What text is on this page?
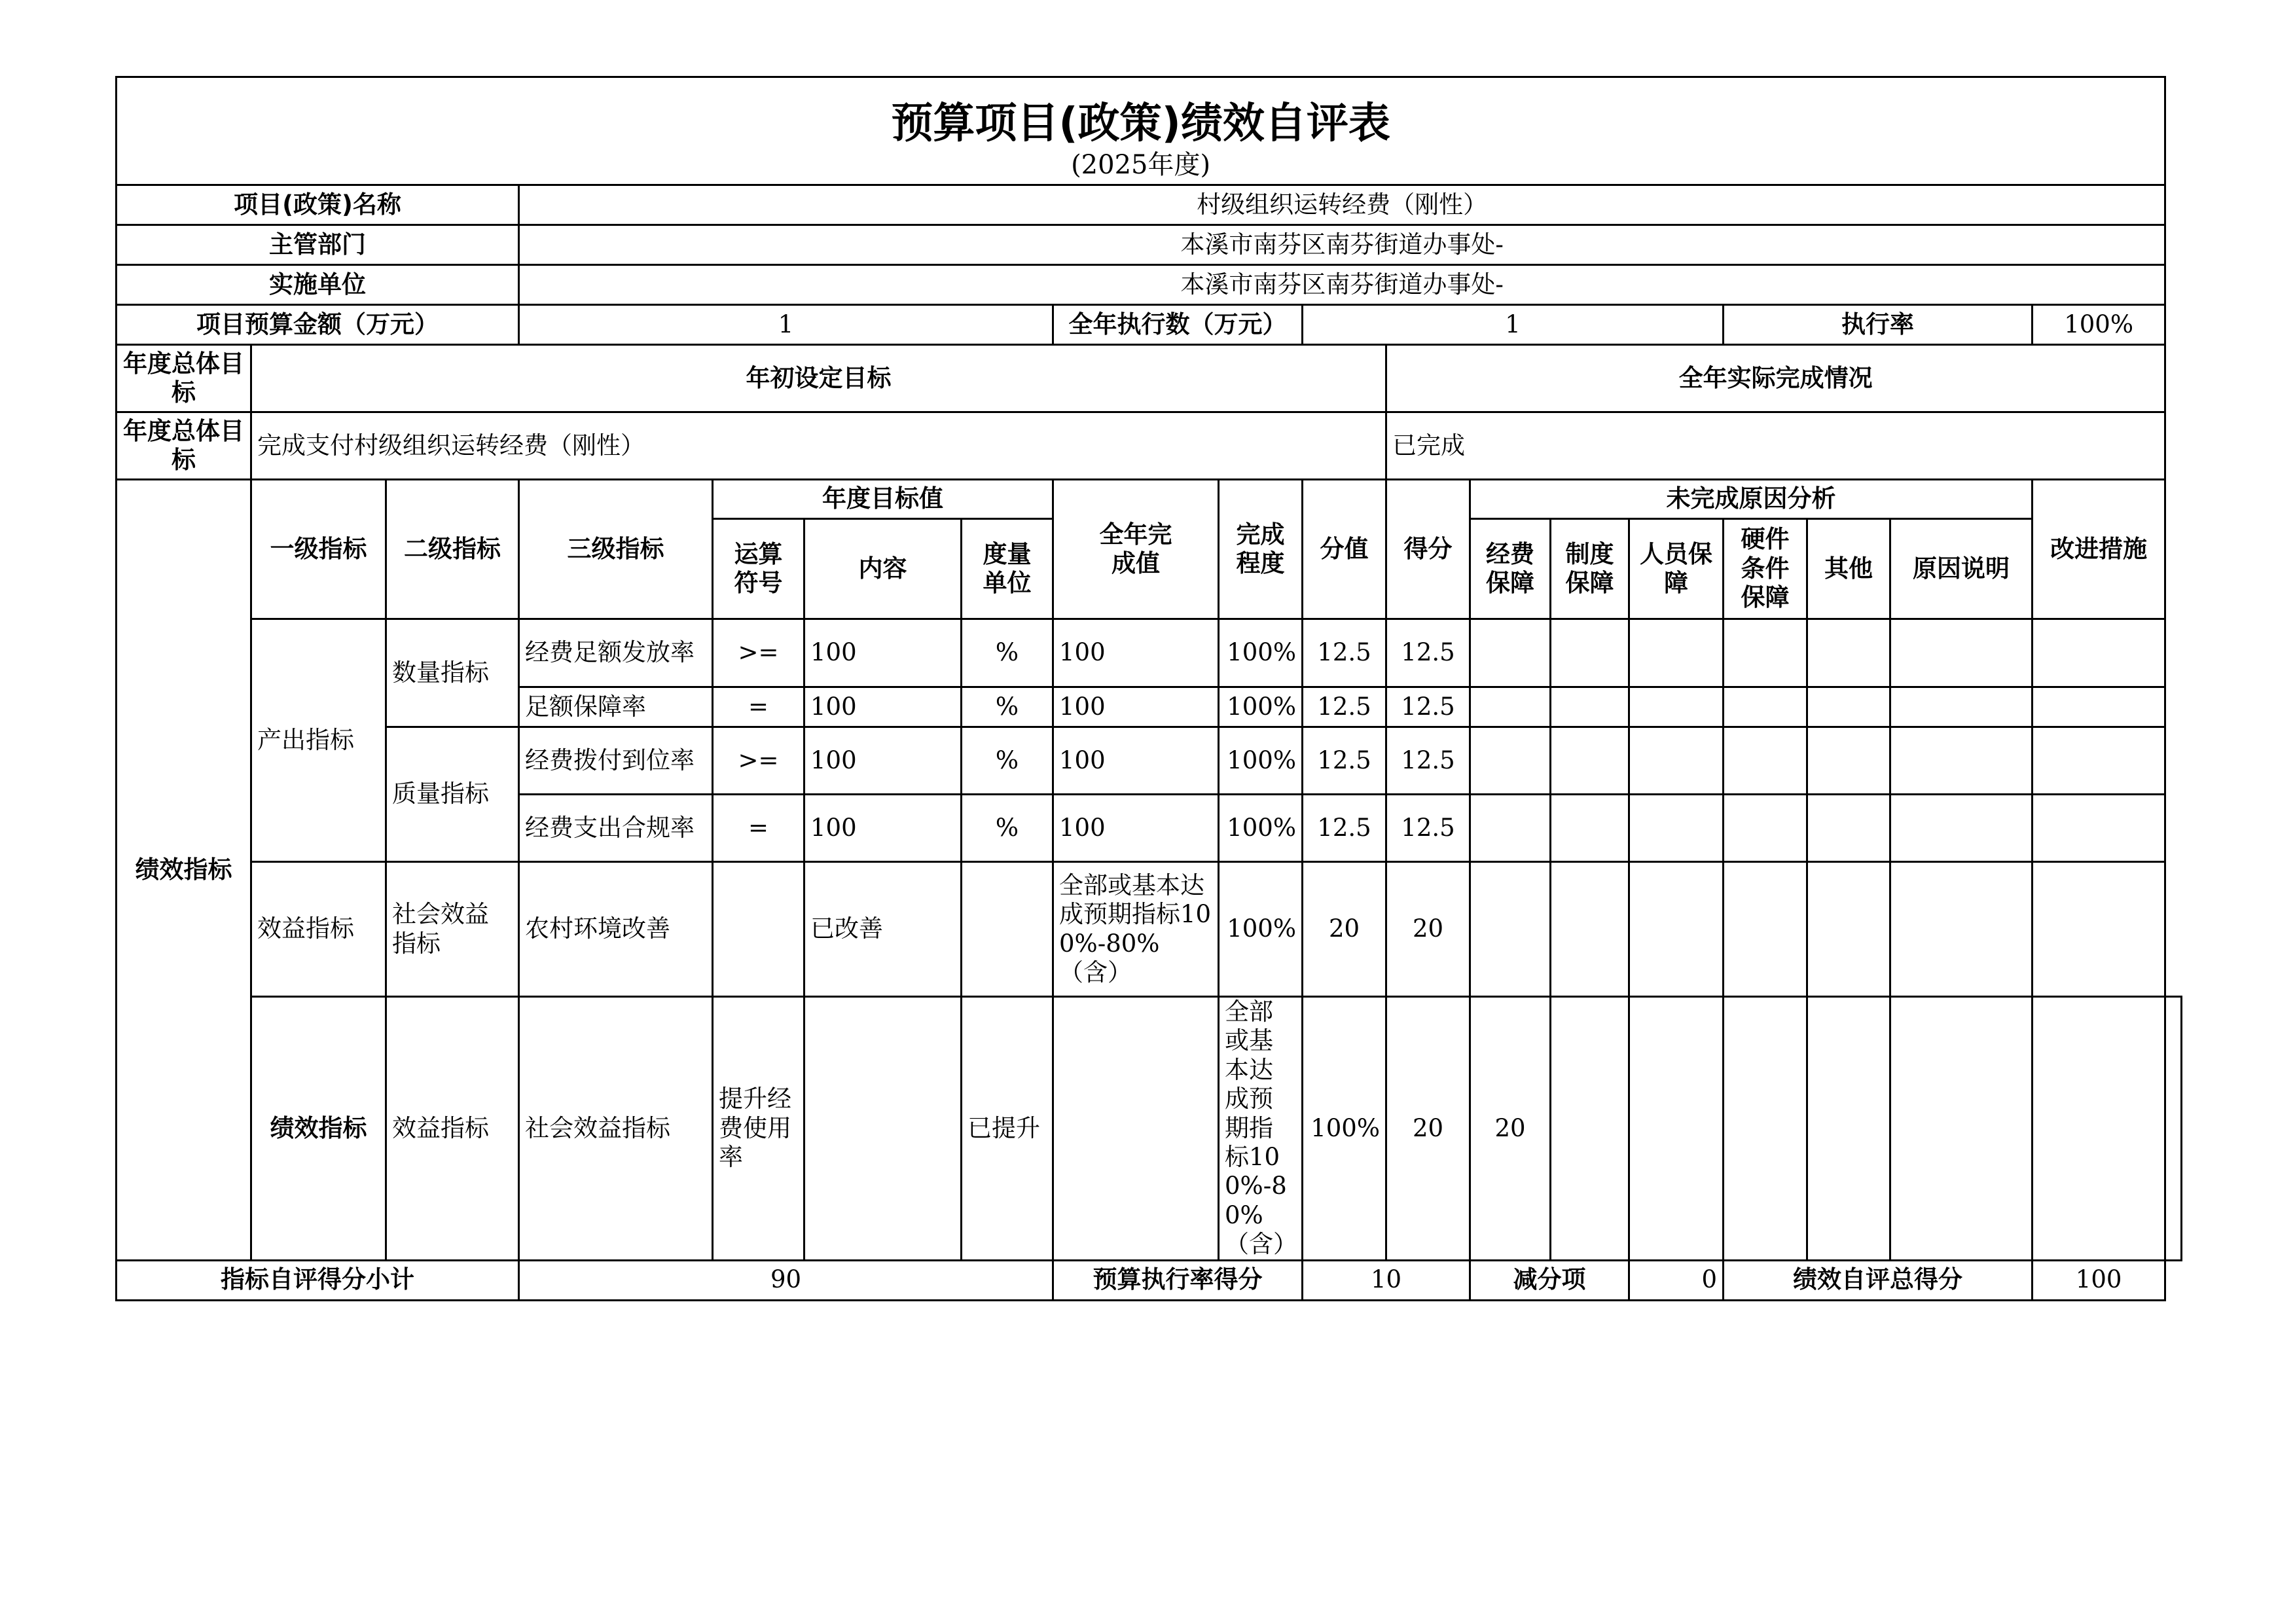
预算项目(政策)绩效自评表																		
(2025年度)																		
项目(政策)名称			村级组织运转经费（刚性）															
主管部门			本溪市南芬区南芬街道办事处-															
实施单位			本溪市南芬区南芬街道办事处-															
项目预算金额（万元）			1				全年执行数（万元）		1					执行率			100%	
年度总体目标	年初设定目标									全年实际完成情况								
年度总体目标	完成支付村级组织运转经费（刚性）									已完成								
绩效指标	一级指标	二级指标	三级指标	年度目标值			全年完成值	完成程度	分值	得分	未完成原因分析						改进措施	
				运算符号	内容	度量单位					经费保障	制度保障	人员保障	硬件条件保障	其他	原因说明		
	产出指标	数量指标	经费足额发放率	>=	100	%	100	100%	12.5	12.5								
			足额保障率	=	100	%	100	100%	12.5	12.5								
		质量指标	经费拨付到位率	>=	100	%	100	100%	12.5	12.5								
			经费支出合规率	=	100	%	100	100%	12.5	12.5								
	效益指标	社会效益指标	农村环境改善		已改善		全部或基本达成预期指标100%-80%（含）	100%	20	20								
	绩效指标	效益指标	社会效益指标	提升经费使用率		已提升		全部或基本达成预期指标100%-80%（含）	100%	20	20							
指标自评得分小计			90				预算执行率得分		10		减分项		0	绩效自评总得分			100	
